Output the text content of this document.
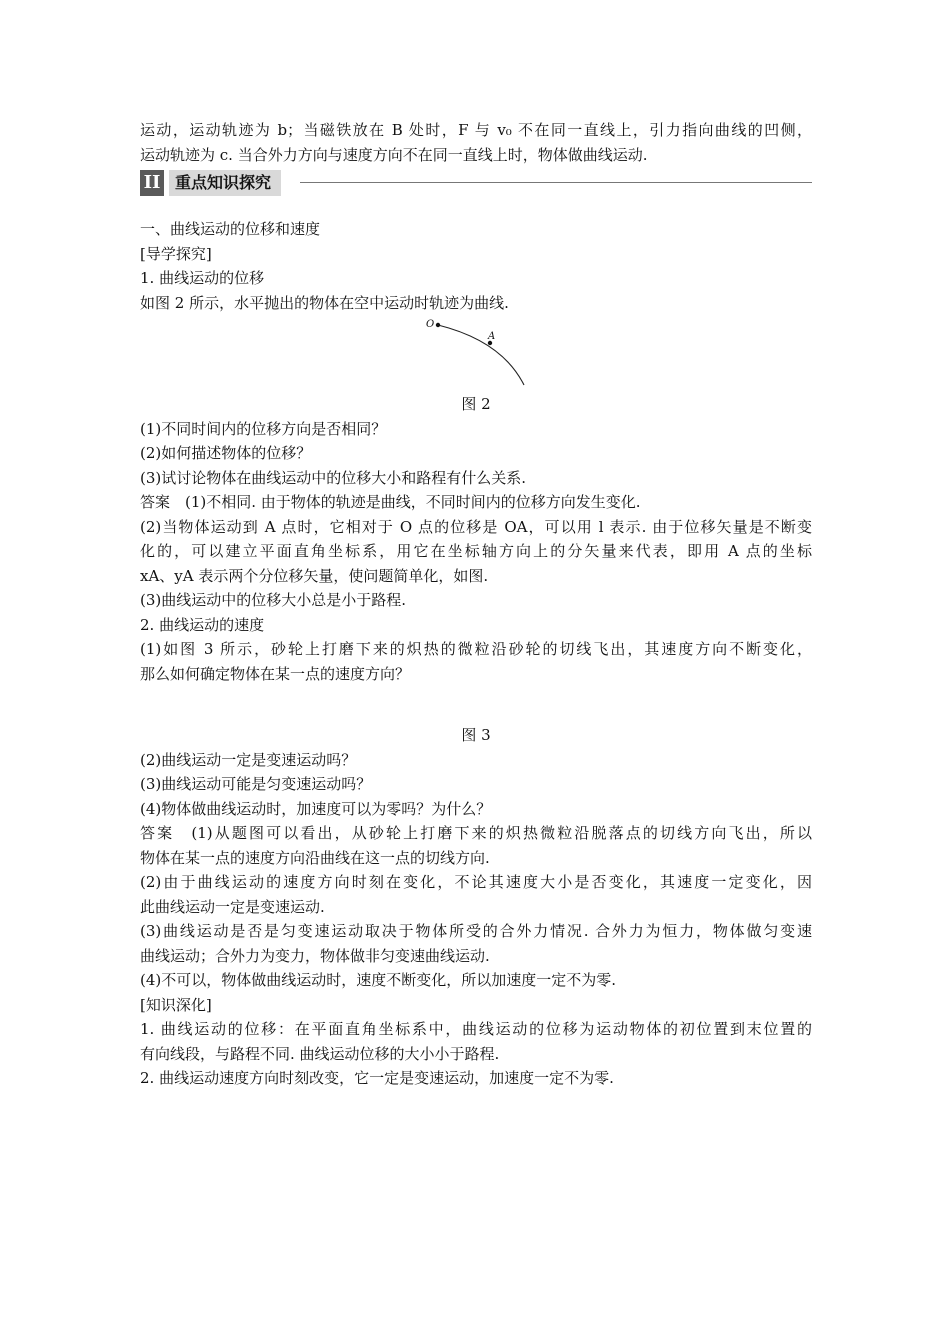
运动，运动轨迹为 b；当磁铁放在 B 处时，F 与 v₀ 不在同一直线上，引力指向曲线的凹侧，
运动轨迹为 c. 当合外力方向与速度方向不在同一直线上时，物体做曲线运动.
II 重点知识探究
一、曲线运动的位移和速度
[导学探究]
1. 曲线运动的位移
如图 2 所示，水平抛出的物体在空中运动时轨迹为曲线.
O
A
图 2
(1)不同时间内的位移方向是否相同？
(2)如何描述物体的位移？
(3)试讨论物体在曲线运动中的位移大小和路程有什么关系.
答案　(1)不相同. 由于物体的轨迹是曲线，不同时间内的位移方向发生变化.
(2)当物体运动到 A 点时，它相对于 O 点的位移是 OA，可以用 l 表示. 由于位移矢量是不断变
化的，可以建立平面直角坐标系，用它在坐标轴方向上的分矢量来代表，即用 A 点的坐标
xA、yA 表示两个分位移矢量，使问题简单化，如图.
(3)曲线运动中的位移大小总是小于路程.
2. 曲线运动的速度
(1)如图 3 所示，砂轮上打磨下来的炽热的微粒沿砂轮的切线飞出，其速度方向不断变化，
那么如何确定物体在某一点的速度方向？
图 3
(2)曲线运动一定是变速运动吗？
(3)曲线运动可能是匀变速运动吗？
(4)物体做曲线运动时，加速度可以为零吗？为什么？
答案　(1)从题图可以看出，从砂轮上打磨下来的炽热微粒沿脱落点的切线方向飞出，所以
物体在某一点的速度方向沿曲线在这一点的切线方向.
(2)由于曲线运动的速度方向时刻在变化，不论其速度大小是否变化，其速度一定变化，因
此曲线运动一定是变速运动.
(3)曲线运动是否是匀变速运动取决于物体所受的合外力情况. 合外力为恒力，物体做匀变速
曲线运动；合外力为变力，物体做非匀变速曲线运动.
(4)不可以，物体做曲线运动时，速度不断变化，所以加速度一定不为零.
[知识深化]
1. 曲线运动的位移：在平面直角坐标系中，曲线运动的位移为运动物体的初位置到末位置的
有向线段，与路程不同. 曲线运动位移的大小小于路程.
2. 曲线运动速度方向时刻改变，它一定是变速运动，加速度一定不为零.
